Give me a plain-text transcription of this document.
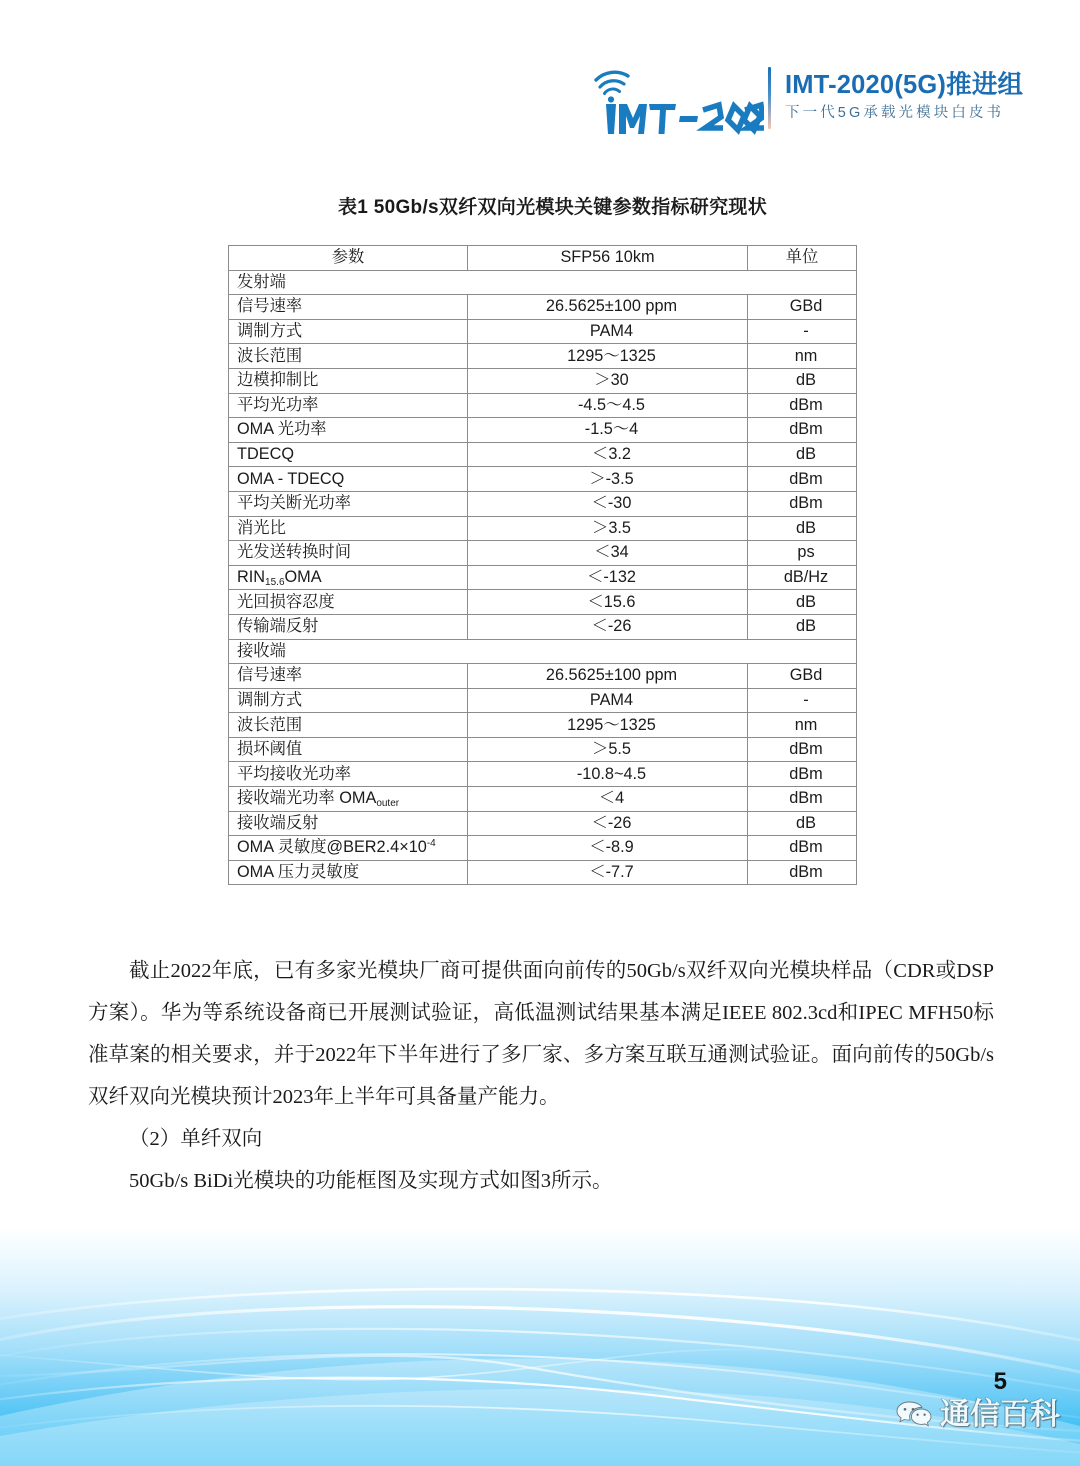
IMT-2020(5G)推进组
下一代5G承载光模块白皮书
表1 50Gb/s双纤双向光模块关键参数指标研究现状
参数	SFP56 10km	单位
发射端		
信号速率	26.5625±100 ppm	GBd
调制方式	PAM4	-
波长范围	1295～1325	nm
边模抑制比	＞30	dB
平均光功率	-4.5～4.5	dBm
OMA 光功率	-1.5～4	dBm
TDECQ	＜3.2	dB
OMA - TDECQ	＞-3.5	dBm
平均关断光功率	＜-30	dBm
消光比	＞3.5	dB
光发送转换时间	＜34	ps
$RIN_{15.6}OMA$	＜-132	dB/Hz
光回损容忍度	＜15.6	dB
传输端反射	＜-26	dB
接收端		
信号速率	26.5625±100 ppm	GBd
调制方式	PAM4	-
波长范围	1295～1325	nm
损坏阈值	＞5.5	dBm
平均接收光功率	-10.8~4.5	dBm
接收端光功率 $OMA_{outer}$	＜4	dBm
接收端反射	＜-26	dB
OMA 灵敏度$@BER2.4\times 10^{-4}$	＜-8.9	dBm
OMA 压力灵敏度	＜-7.7	dBm

截止2022年底，已有多家光模块厂商可提供面向前传的50Gb/s双纤双向光模块样品（CDR或DSP方案）。华为等系统设备商已开展测试验证，高低温测试结果基本满足IEEE 802.3cd和IPEC MFH50标准草案的相关要求，并于2022年下半年进行了多厂家、多方案互联互通测试验证。面向前传的50Gb/s双纤双向光模块预计2023年上半年可具备量产能力。

（2）单纤双向

50Gb/s BiDi光模块的功能框图及实现方式如图3所示。

通信百科
5
